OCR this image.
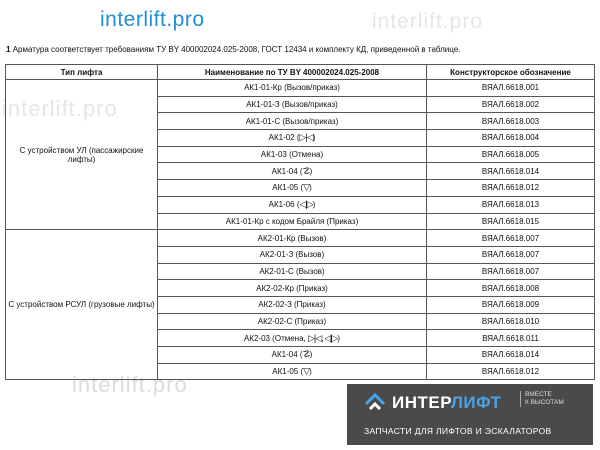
interlift.pro	interlift.pro
interlift.pro
interlift.pro
1 Арматура соответствует требованиям ТУ BY 400002024.025-2008, ГОСТ 12434 и комплекту КД, приведенной в таблице.
Тип лифта	Наименование по ТУ BY 400002024.025-2008	Конструкторское обозначение
С устройством УЛ (пассажирские лифты)	АК1-01-Кр (Вызов/приказ)	ВЯАЛ.6618.001
	АК1-01-З (Вызов/приказ)	ВЯАЛ.6618.002
	АК1-01-С (Вызов/приказ)	ВЯАЛ.6618.003
	АК1-02 (▷|◁)	ВЯАЛ.6618.004
	АК1-03 (Отмена)	ВЯАЛ.6618.005
	АК1-04 (☡)	ВЯАЛ.6618.014
	АК1-05 (▽)	ВЯАЛ.6618.012
	АК1-06 (◁|▷)	ВЯАЛ.6618.013
	АК1-01-Кр с кодом Брайля (Приказ)	ВЯАЛ.6618.015
С устройством РСУЛ (грузовые лифты)	АК2-01-Кр (Вызов)	ВЯАЛ.6618.007
	АК2-01-З (Вызов)	ВЯАЛ.6618.007
	АК2-01-С (Вызов)	ВЯАЛ.6618.007
	АК2-02-Кр (Приказ)	ВЯАЛ.6618.008
	АК2-02-З (Приказ)	ВЯАЛ.6618.009
	АК2-02-С (Приказ)	ВЯАЛ.6618.010
	АК2-03 (Отмена, ▷|◁, ◁|▷)	ВЯАЛ.6618.011
	АК1-04 (☡)	ВЯАЛ.6618.014
	АК1-05 (▽)	ВЯАЛ.6618.012
ИНТЕРЛИФТ	ВМЕСТЕ
К ВЫСОТАМ
ЗАПЧАСТИ ДЛЯ ЛИФТОВ И ЭСКАЛАТОРОВ
